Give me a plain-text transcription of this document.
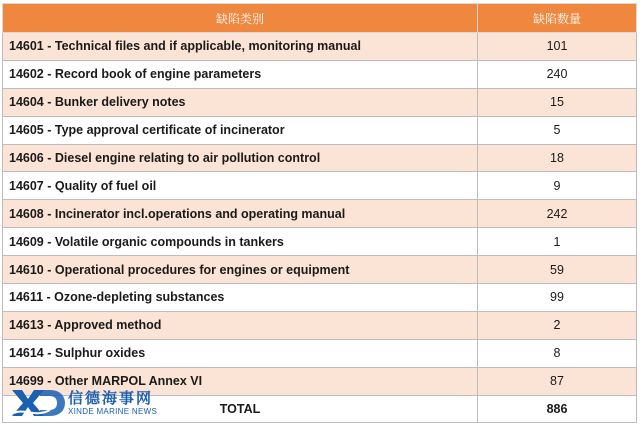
缺陷类别	缺陷数量
14601 - Technical files and if applicable, monitoring manual	101
14602 - Record book of engine parameters	240
14604 - Bunker delivery notes	15
14605 - Type approval certificate of incinerator	5
14606 - Diesel engine relating to air pollution control	18
14607 - Quality of fuel oil	9
14608 - Incinerator incl.operations and operating manual	242
14609 - Volatile organic compounds in tankers	1
14610 - Operational procedures for engines or equipment	59
14611 - Ozone-depleting substances	99
14613 - Approved method	2
14614 - Sulphur oxides	8
14699 - Other MARPOL Annex VI	87
TOTAL	886
信德海事网
XINDE MARINE NEWS
